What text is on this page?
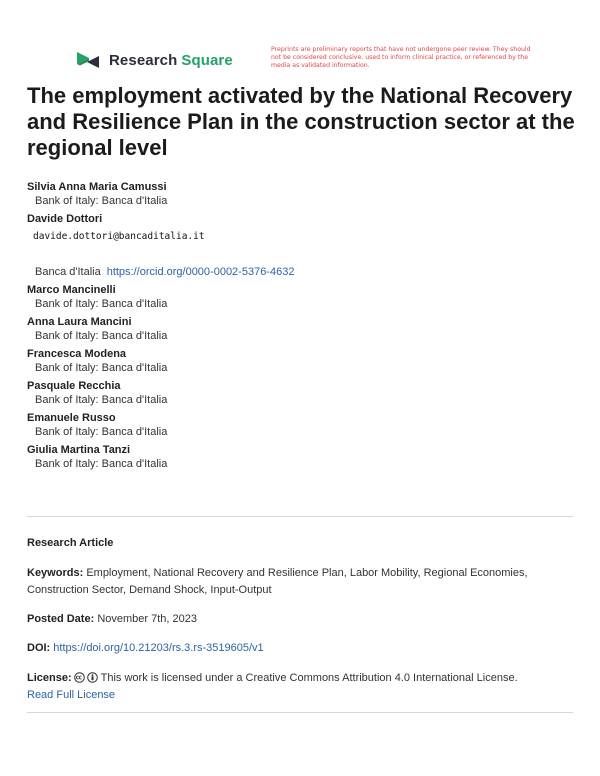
Research Square
Preprints are preliminary reports that have not undergone peer review. They should not be considered conclusive, used to inform clinical practice, or referenced by the media as validated information.
The employment activated by the National Recovery and Resilience Plan in the construction sector at the regional level
Silvia Anna Maria Camussi
Bank of Italy: Banca d'Italia
Davide Dottori
davide.dottori@bancaditalia.it
Banca d'Italia https://orcid.org/0000-0002-5376-4632
Marco Mancinelli
Bank of Italy: Banca d'Italia
Anna Laura Mancini
Bank of Italy: Banca d'Italia
Francesca Modena
Bank of Italy: Banca d'Italia
Pasquale Recchia
Bank of Italy: Banca d'Italia
Emanuele Russo
Bank of Italy: Banca d'Italia
Giulia Martina Tanzi
Bank of Italy: Banca d'Italia
Research Article
Keywords: Employment, National Recovery and Resilience Plan, Labor Mobility, Regional Economies, Construction Sector, Demand Shock, Input-Output
Posted Date: November 7th, 2023
DOI: https://doi.org/10.21203/rs.3.rs-3519605/v1
License:	This work is licensed under a Creative Commons Attribution 4.0 International License.
Read Full License
